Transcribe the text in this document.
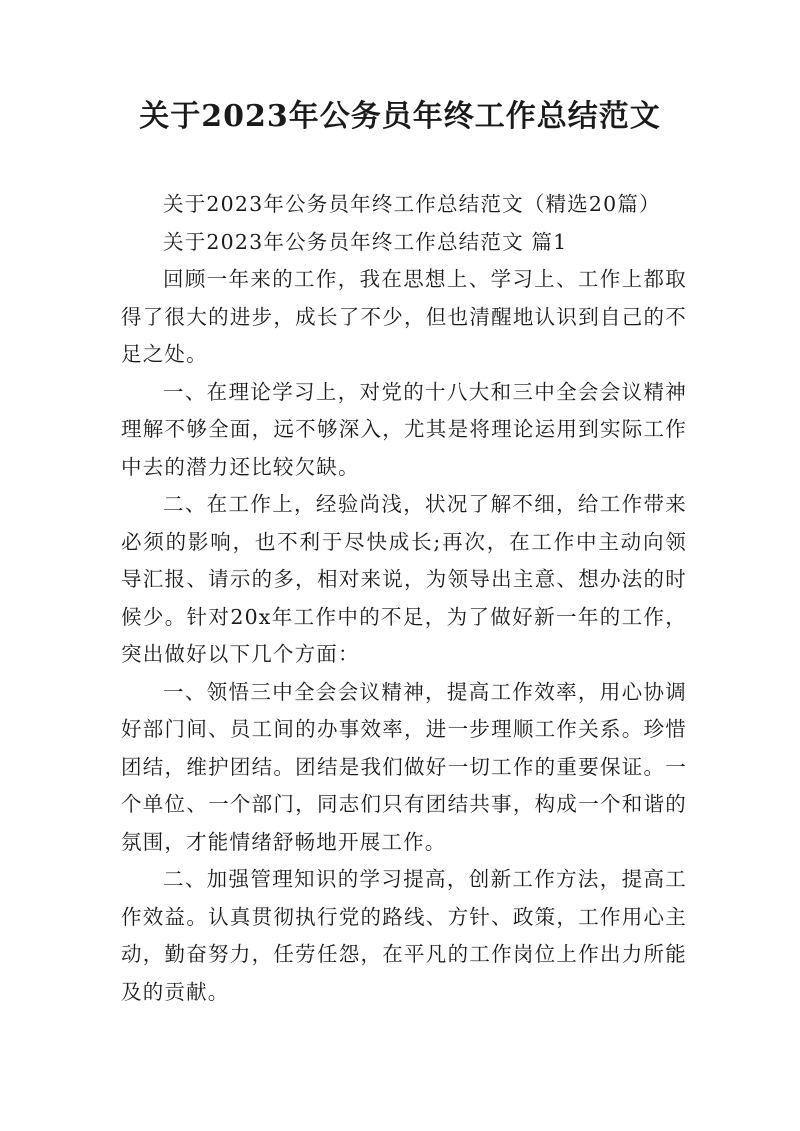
关于2023年公务员年终工作总结范文

关于2023年公务员年终工作总结范文（精选20篇）

关于2023年公务员年终工作总结范文 篇1

回顾一年来的工作，我在思想上、学习上、工作上都取得了很大的进步，成长了不少，但也清醒地认识到自己的不足之处。

一、在理论学习上，对党的十八大和三中全会会议精神理解不够全面，远不够深入，尤其是将理论运用到实际工作中去的潜力还比较欠缺。

二、在工作上，经验尚浅，状况了解不细，给工作带来必须的影响，也不利于尽快成长;再次，在工作中主动向领导汇报、请示的多，相对来说，为领导出主意、想办法的时候少。针对20x年工作中的不足，为了做好新一年的工作，突出做好以下几个方面：

一、领悟三中全会会议精神，提高工作效率，用心协调好部门间、员工间的办事效率，进一步理顺工作关系。珍惜团结，维护团结。团结是我们做好一切工作的重要保证。一个单位、一个部门，同志们只有团结共事，构成一个和谐的氛围，才能情绪舒畅地开展工作。

二、加强管理知识的学习提高，创新工作方法，提高工作效益。认真贯彻执行党的路线、方针、政策，工作用心主动，勤奋努力，任劳任怨，在平凡的工作岗位上作出力所能及的贡献。
